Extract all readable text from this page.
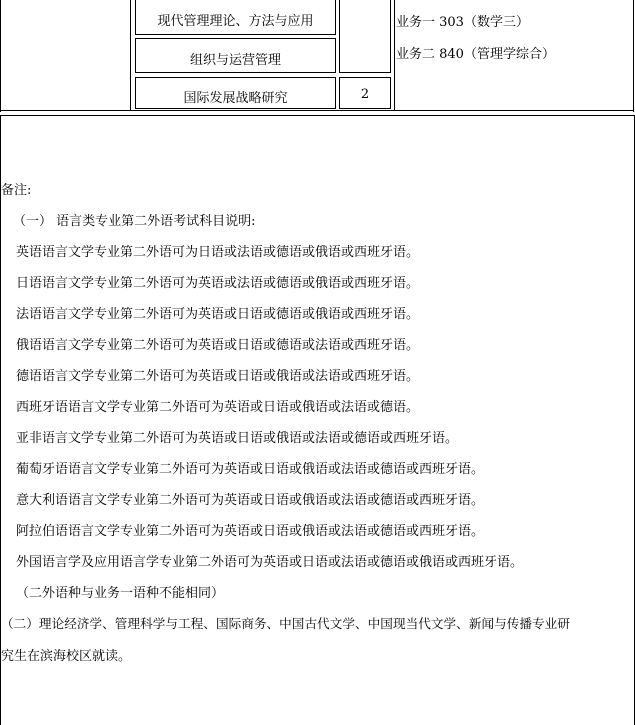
现代管理理论、方法与应用
组织与运营管理
国际发展战略研究	2
业务一 303（数学三）
业务二 840（管理学综合）
备注:
（一） 语言类专业第二外语考试科目说明:
英语语言文学专业第二外语可为日语或法语或德语或俄语或西班牙语。
日语语言文学专业第二外语可为英语或法语或德语或俄语或西班牙语。
法语语言文学专业第二外语可为英语或日语或德语或俄语或西班牙语。
俄语语言文学专业第二外语可为英语或日语或德语或法语或西班牙语。
德语语言文学专业第二外语可为英语或日语或俄语或法语或西班牙语。
西班牙语语言文学专业第二外语可为英语或日语或俄语或法语或德语。
亚非语言文学专业第二外语可为英语或日语或俄语或法语或德语或西班牙语。
葡萄牙语语言文学专业第二外语可为英语或日语或俄语或法语或德语或西班牙语。
意大利语语言文学专业第二外语可为英语或日语或俄语或法语或德语或西班牙语。
阿拉伯语语言文学专业第二外语可为英语或日语或俄语或法语或德语或西班牙语。
外国语言学及应用语言学专业第二外语可为英语或日语或法语或德语或俄语或西班牙语。
（二外语种与业务一语种不能相同）
（二）理论经济学、管理科学与工程、国际商务、中国古代文学、中国现当代文学、新闻与传播专业研
究生在滨海校区就读。
